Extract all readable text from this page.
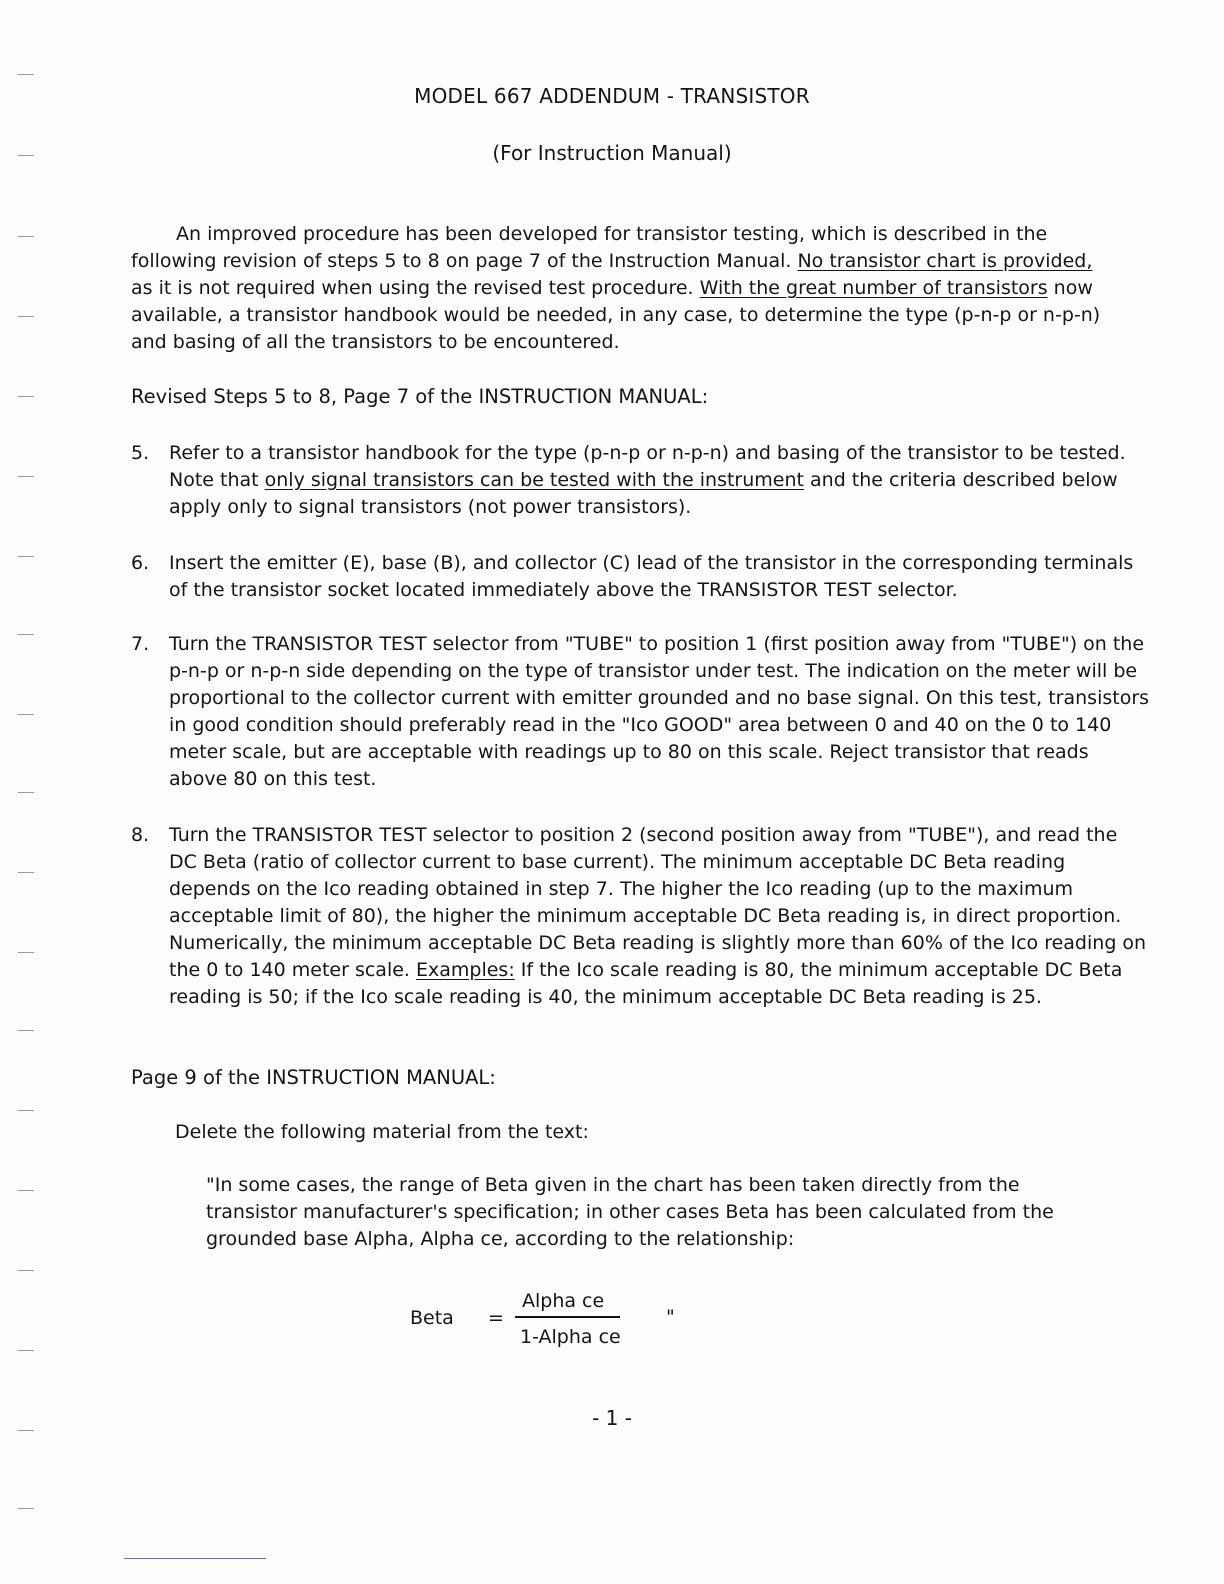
MODEL 667 ADDENDUM - TRANSISTOR
(For Instruction Manual)

An improved procedure has been developed for transistor testing, which is described in the following revision of steps 5 to 8 on page 7 of the Instruction Manual. No transistor chart is provided, as it is not required when using the revised test procedure. With the great number of transistors now available, a transistor handbook would be needed, in any case, to determine the type (p-n-p or n-p-n) and basing of all the transistors to be encountered.

Revised Steps 5 to 8, Page 7 of the INSTRUCTION MANUAL:
5. Refer to a transistor handbook for the type (p-n-p or n-p-n) and basing of the transistor to be tested. Note that only signal transistors can be tested with the instrument and the criteria described below apply only to signal transistors (not power transistors).
6. Insert the emitter (E), base (B), and collector (C) lead of the transistor in the corresponding terminals of the transistor socket located immediately above the TRANSISTOR TEST selector.
7. Turn the TRANSISTOR TEST selector from "TUBE" to position 1 (first position away from "TUBE") on the p-n-p or n-p-n side depending on the type of transistor under test. The indication on the meter will be proportional to the collector current with emitter grounded and no base signal. On this test, transistors in good condition should preferably read in the "Ico GOOD" area between 0 and 40 on the 0 to 140 meter scale, but are acceptable with readings up to 80 on this scale. Reject transistor that reads above 80 on this test.
8. Turn the TRANSISTOR TEST selector to position 2 (second position away from "TUBE"), and read the DC Beta (ratio of collector current to base current). The minimum acceptable DC Beta reading depends on the Ico reading obtained in step 7. The higher the Ico reading (up to the maximum acceptable limit of 80), the higher the minimum acceptable DC Beta reading is, in direct proportion. Numerically, the minimum acceptable DC Beta reading is slightly more than 60% of the Ico reading on the 0 to 140 meter scale. Examples: If the Ico scale reading is 80, the minimum acceptable DC Beta reading is 50; if the Ico scale reading is 40, the minimum acceptable DC Beta reading is 25.
Page 9 of the INSTRUCTION MANUAL:
Delete the following material from the text:
"In some cases, the range of Beta given in the chart has been taken directly from the transistor manufacturer's specification; in other cases Beta has been calculated from the grounded base Alpha, Alpha ce, according to the relationship:
Beta =
Alpha ce
1-Alpha ce
"
- 1 -
